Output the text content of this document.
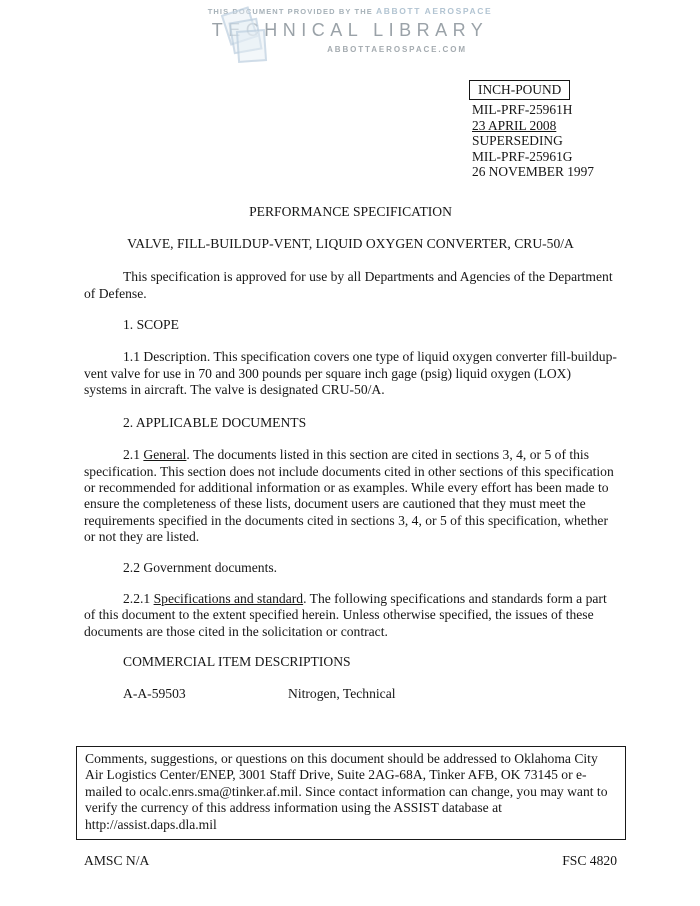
THIS DOCUMENT PROVIDED BY THE ABBOTT AEROSPACE
TECHNICAL LIBRARY
ABBOTTAEROSPACE.COM
INCH-POUND
MIL-PRF-25961H
23 APRIL 2008
SUPERSEDING
MIL-PRF-25961G
26 NOVEMBER 1997

PERFORMANCE SPECIFICATION

VALVE, FILL-BUILDUP-VENT, LIQUID OXYGEN CONVERTER, CRU-50/A

This specification is approved for use by all Departments and Agencies of the Department of Defense.

1. SCOPE

1.1 Description. This specification covers one type of liquid oxygen converter fill-buildup-vent valve for use in 70 and 300 pounds per square inch gage (psig) liquid oxygen (LOX) systems in aircraft. The valve is designated CRU-50/A.

2. APPLICABLE DOCUMENTS

2.1 General. The documents listed in this section are cited in sections 3, 4, or 5 of this specification. This section does not include documents cited in other sections of this specification or recommended for additional information or as examples. While every effort has been made to ensure the completeness of these lists, document users are cautioned that they must meet the requirements specified in the documents cited in sections 3, 4, or 5 of this specification, whether or not they are listed.

2.2 Government documents.

2.2.1 Specifications and standard. The following specifications and standards form a part of this document to the extent specified herein. Unless otherwise specified, the issues of these documents are those cited in the solicitation or contract.

COMMERCIAL ITEM DESCRIPTIONS

A-A-59503	Nitrogen, Technical

Comments, suggestions, or questions on this document should be addressed to Oklahoma City Air Logistics Center/ENEP, 3001 Staff Drive, Suite 2AG-68A, Tinker AFB, OK 73145 or e-mailed to ocalc.enrs.sma@tinker.af.mil. Since contact information can change, you may want to verify the currency of this address information using the ASSIST database at http://assist.daps.dla.mil

AMSC N/A	FSC 4820
